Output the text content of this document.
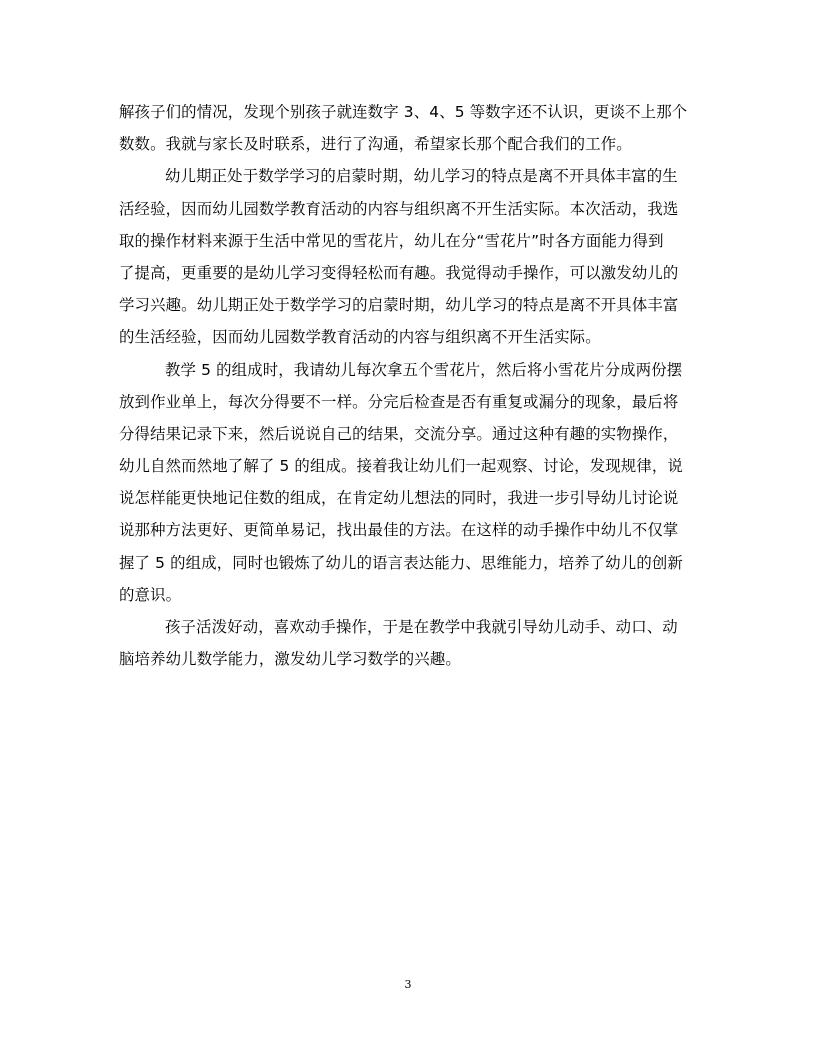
解孩子们的情况，发现个别孩子就连数字 3、4、5 等数字还不认识，更谈不上那个
数数。我就与家长及时联系，进行了沟通，希望家长那个配合我们的工作。
幼儿期正处于数学学习的启蒙时期，幼儿学习的特点是离不开具体丰富的生
活经验，因而幼儿园数学教育活动的内容与组织离不开生活实际。本次活动，我选
取的操作材料来源于生活中常见的雪花片，幼儿在分“雪花片”时各方面能力得到
了提高，更重要的是幼儿学习变得轻松而有趣。我觉得动手操作，可以激发幼儿的
学习兴趣。幼儿期正处于数学学习的启蒙时期，幼儿学习的特点是离不开具体丰富
的生活经验，因而幼儿园数学教育活动的内容与组织离不开生活实际。
教学 5 的组成时，我请幼儿每次拿五个雪花片，然后将小雪花片分成两份摆
放到作业单上，每次分得要不一样。分完后检查是否有重复或漏分的现象，最后将
分得结果记录下来，然后说说自己的结果，交流分享。通过这种有趣的实物操作，
幼儿自然而然地了解了 5 的组成。接着我让幼儿们一起观察、讨论，发现规律，说
说怎样能更快地记住数的组成，在肯定幼儿想法的同时，我进一步引导幼儿讨论说
说那种方法更好、更简单易记，找出最佳的方法。在这样的动手操作中幼儿不仅掌
握了 5 的组成，同时也锻炼了幼儿的语言表达能力、思维能力，培养了幼儿的创新
的意识。
孩子活泼好动，喜欢动手操作，于是在教学中我就引导幼儿动手、动口、动
脑培养幼儿数学能力，激发幼儿学习数学的兴趣。
3
